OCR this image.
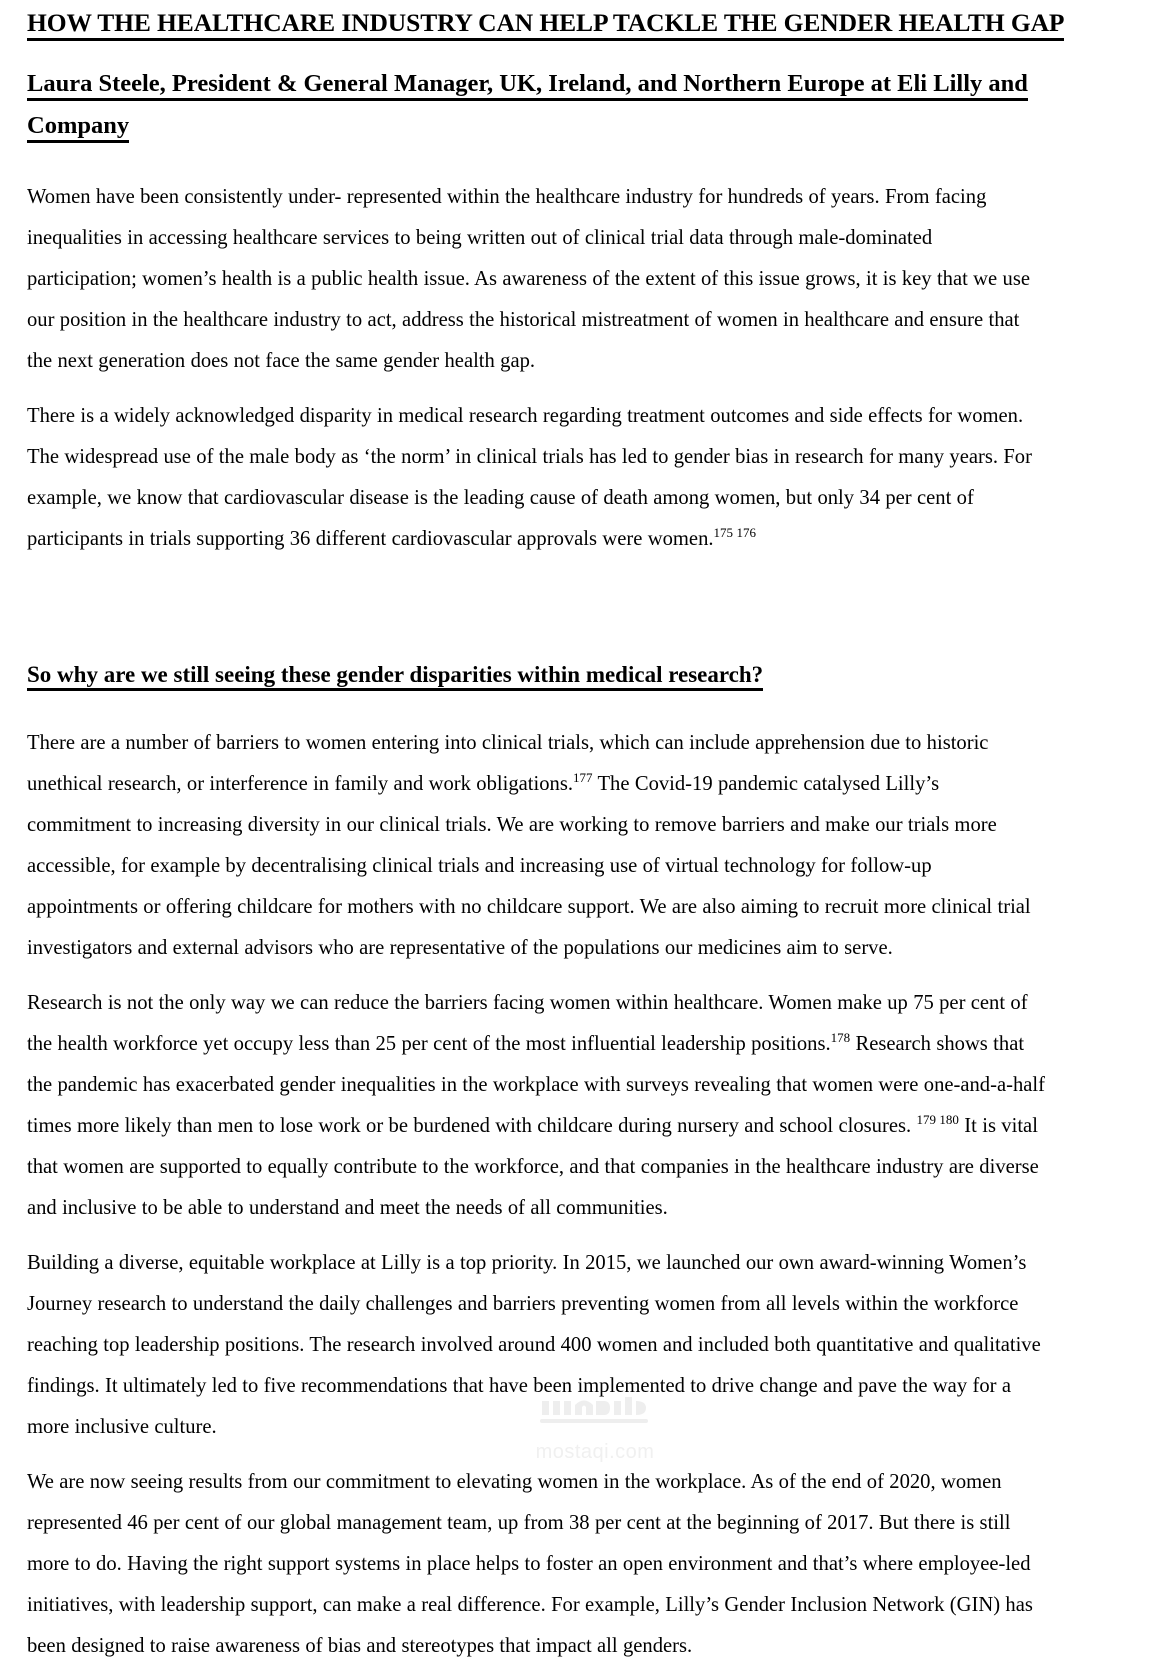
mostaqi.com
HOW THE HEALTHCARE INDUSTRY CAN HELP TACKLE THE GENDER HEALTH GAP
Laura Steele, President & General Manager, UK, Ireland, and Northern Europe at Eli Lilly and
Company

Women have been consistently under- represented within the healthcare industry for hundreds of years. From facing inequalities in accessing healthcare services to being written out of clinical trial data through male-dominated participation; women’s health is a public health issue. As awareness of the extent of this issue grows, it is key that we use our position in the healthcare industry to act, address the historical mistreatment of women in healthcare and ensure that the next generation does not face the same gender health gap.

There is a widely acknowledged disparity in medical research regarding treatment outcomes and side effects for women. The widespread use of the male body as ‘the norm’ in clinical trials has led to gender bias in research for many years. For example, we know that cardiovascular disease is the leading cause of death among women, but only 34 per cent of participants in trials supporting 36 different cardiovascular approvals were women.$^{175 176}$

So why are we still seeing these gender disparities within medical research?

There are a number of barriers to women entering into clinical trials, which can include apprehension due to historic unethical research, or interference in family and work obligations.$^{177}$ The Covid-19 pandemic catalysed Lilly’s commitment to increasing diversity in our clinical trials. We are working to remove barriers and make our trials more accessible, for example by decentralising clinical trials and increasing use of virtual technology for follow-up appointments or offering childcare for mothers with no childcare support. We are also aiming to recruit more clinical trial investigators and external advisors who are representative of the populations our medicines aim to serve.

Research is not the only way we can reduce the barriers facing women within healthcare. Women make up 75 per cent of the health workforce yet occupy less than 25 per cent of the most influential leadership positions.$^{178}$ Research shows that the pandemic has exacerbated gender inequalities in the workplace with surveys revealing that women were one-and-a-half times more likely than men to lose work or be burdened with childcare during nursery and school closures. $^{179 180}$ It is vital that women are supported to equally contribute to the workforce, and that companies in the healthcare industry are diverse and inclusive to be able to understand and meet the needs of all communities.

Building a diverse, equitable workplace at Lilly is a top priority. In 2015, we launched our own award-winning Women’s Journey research to understand the daily challenges and barriers preventing women from all levels within the workforce reaching top leadership positions. The research involved around 400 women and included both quantitative and qualitative findings. It ultimately led to five recommendations that have been implemented to drive change and pave the way for a more inclusive culture.

We are now seeing results from our commitment to elevating women in the workplace. As of the end of 2020, women represented 46 per cent of our global management team, up from 38 per cent at the beginning of 2017. But there is still more to do. Having the right support systems in place helps to foster an open environment and that’s where employee-led initiatives, with leadership support, can make a real difference. For example, Lilly’s Gender Inclusion Network (GIN) has been designed to raise awareness of bias and stereotypes that impact all genders.
